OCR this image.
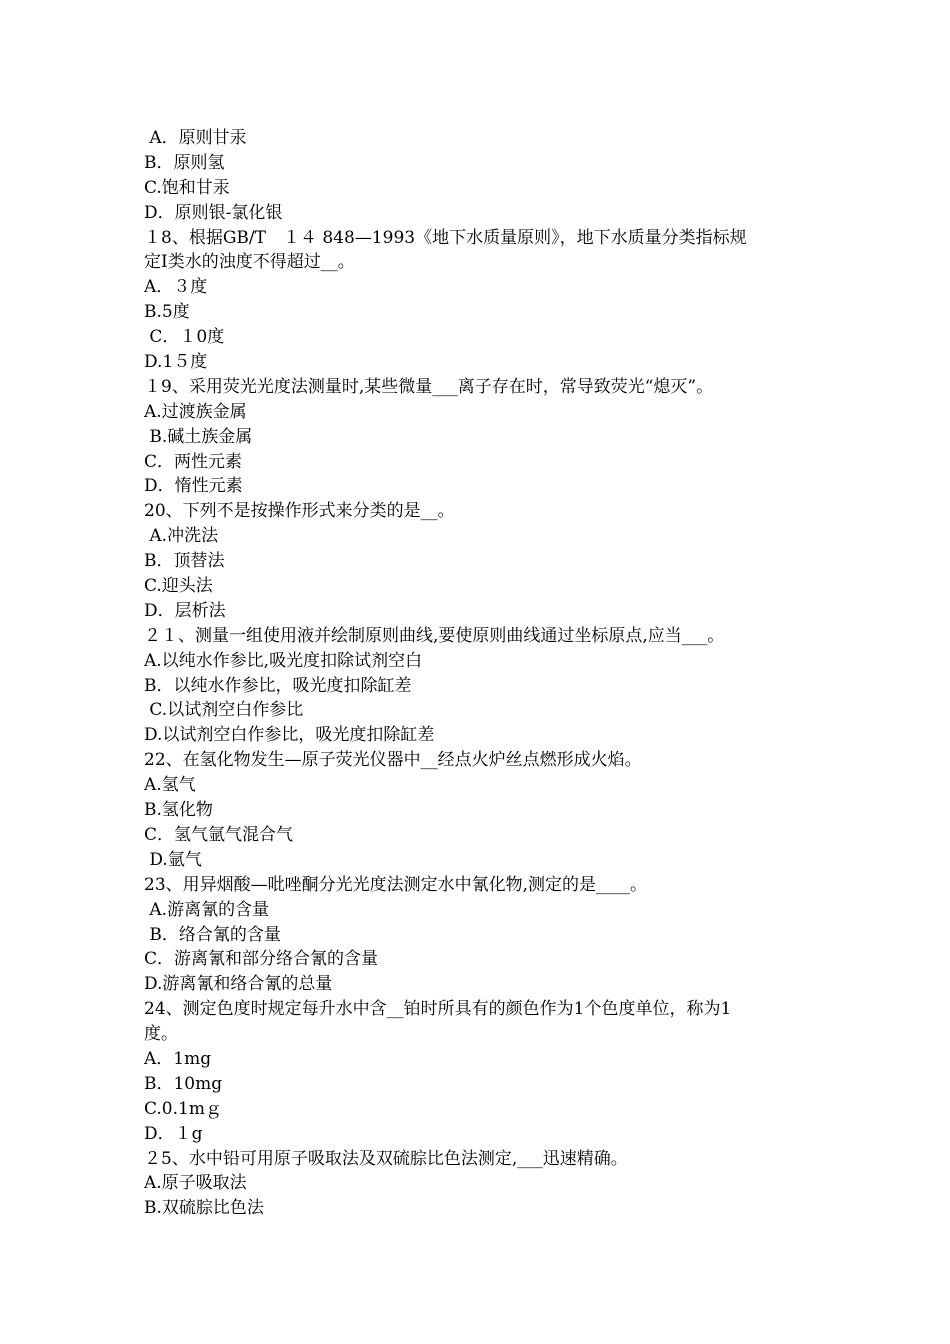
A．原则甘汞
B．原则氢
C.饱和甘汞
D．原则银-氯化银
１8、根据GB/T　１４ 848—1993《地下水质量原则》，地下水质量分类指标规
定Ⅰ类水的浊度不得超过__。
A．３度
B.5度
C．１0度
D.1５度
１9、采用荧光光度法测量时,某些微量___离子存在时，常导致荧光“熄灭”。
A.过渡族金属
B.碱土族金属
C．两性元素
D．惰性元素
20、下列不是按操作形式来分类的是__。
A.冲洗法
B．顶替法
C.迎头法
D．层析法
２１、测量一组使用液并绘制原则曲线,要使原则曲线通过坐标原点,应当___。
A.以纯水作参比,吸光度扣除试剂空白
B．以纯水作参比，吸光度扣除缸差
C.以试剂空白作参比
D.以试剂空白作参比，吸光度扣除缸差
22、在氢化物发生—原子荧光仪器中__经点火炉丝点燃形成火焰。
A.氢气
B.氢化物
C．氢气氩气混合气
D.氩气
23、用异烟酸—吡唑酮分光光度法测定水中氰化物,测定的是____。
A.游离氰的含量
B．络合氰的含量
C．游离氰和部分络合氰的含量
D.游离氰和络合氰的总量
24、测定色度时规定每升水中含__铂时所具有的颜色作为1个色度单位，称为1
度。
A．1mg
B．10mg
C.0.1mｇ
D．１g
２5、水中铅可用原子吸取法及双硫腙比色法测定,___迅速精确。
A.原子吸取法
B.双硫腙比色法
